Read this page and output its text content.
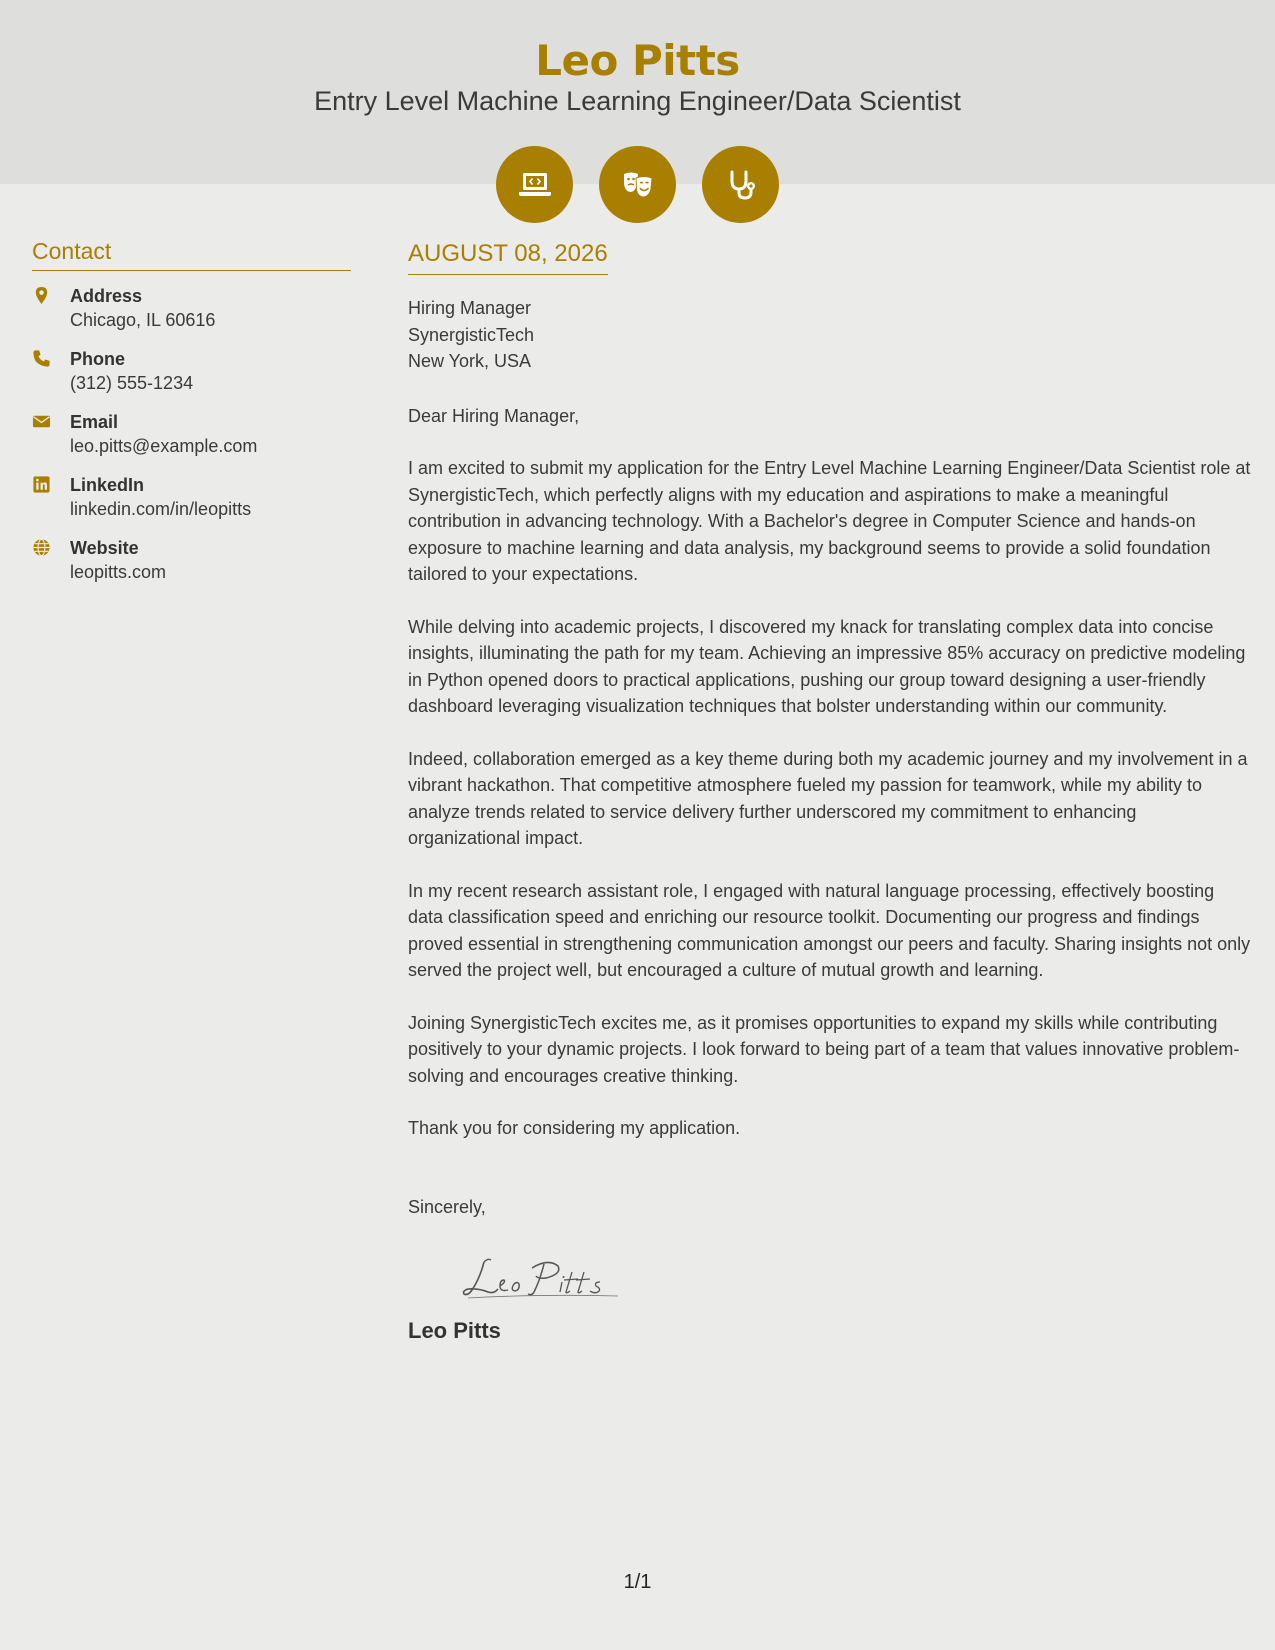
Leo Pitts
Entry Level Machine Learning Engineer/Data Scientist
Contact
Address
Chicago, IL 60616
Phone
(312) 555-1234
Email
leo.pitts@example.com
LinkedIn
linkedin.com/in/leopitts
Website
leopitts.com
AUGUST 08, 2026
Hiring Manager
SynergisticTech
New York, USA
Dear Hiring Manager,

I am excited to submit my application for the Entry Level Machine Learning Engineer/Data Scientist role at SynergisticTech, which perfectly aligns with my education and aspirations to make a meaningful contribution in advancing technology. With a Bachelor's degree in Computer Science and hands-on exposure to machine learning and data analysis, my background seems to provide a solid foundation tailored to your expectations.

While delving into academic projects, I discovered my knack for translating complex data into concise insights, illuminating the path for my team. Achieving an impressive 85% accuracy on predictive modeling in Python opened doors to practical applications, pushing our group toward designing a user-friendly dashboard leveraging visualization techniques that bolster understanding within our community.

Indeed, collaboration emerged as a key theme during both my academic journey and my involvement in a vibrant hackathon. That competitive atmosphere fueled my passion for teamwork, while my ability to analyze trends related to service delivery further underscored my commitment to enhancing organizational impact.

In my recent research assistant role, I engaged with natural language processing, effectively boosting data classification speed and enriching our resource toolkit. Documenting our progress and findings proved essential in strengthening communication amongst our peers and faculty. Sharing insights not only served the project well, but encouraged a culture of mutual growth and learning.

Joining SynergisticTech excites me, as it promises opportunities to expand my skills while contributing positively to your dynamic projects. I look forward to being part of a team that values innovative problem-solving and encourages creative thinking.

Thank you for considering my application.

Sincerely,
Leo Pitts
1/1
